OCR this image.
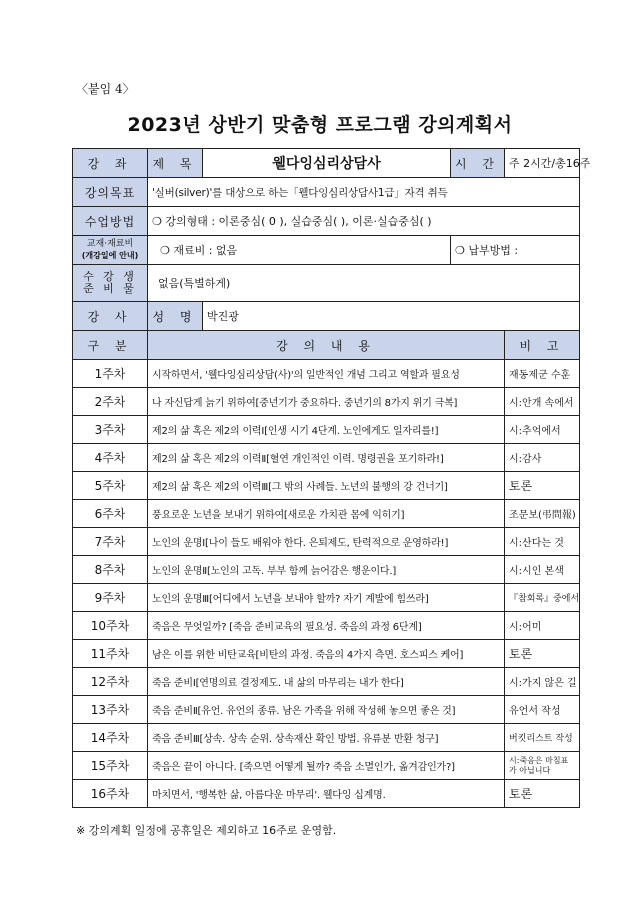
〈붙임 4〉
2023년 상반기 맞춤형 프로그램 강의계획서
강 좌	제 목	웰다잉심리상담사	시 간	주 2시간/총16주
강의목표	'실버(silver)'를 대상으로 하는「웰다잉심리상담사1급」자격 취득			
수업방법	❍ 강의형태 : 이론중심( 0 ), 실습중심( ), 이론·실습중심( )			
교재·재료비
(개강일에 안내)	❍ 재료비 : 없음		❍ 납부방법 :	
수 강 생
준 비 물	없음(특별하게)			
강 사	성 명	박진광		
구 분	강 의 내 용			비 고
1주차	시작하면서, '웰다잉심리상담(사)'의 일반적인 개념 그리고 역할과 필요성			재동제군 수훈
2주차	나 자신답게 늙기 위하여[중년기가 중요하다. 중년기의 8가지 위기 극복]			시:안개 속에서
3주차	제2의 삶 혹은 제2의 이력Ⅰ[인생 시기 4단계. 노인에게도 일자리를!]			시:추억에서
4주차	제2의 삶 혹은 제2의 이력Ⅱ[혈연 개인적인 이력. 명령권을 포기하라!]			시:감사
5주차	제2의 삶 혹은 제2의 이력Ⅲ[그 밖의 사례들. 노년의 불행의 강 건너기]			토론
6주차	풍요로운 노년을 보내기 위하여[새로운 가치관 몸에 익히기]			조문보(弔問報)
7주차	노인의 운명Ⅰ[나이 들도 배워야 한다. 은퇴제도, 탄력적으로 운영하라!]			시:산다는 것
8주차	노인의 운명Ⅱ[노인의 고독. 부부 함께 늙어감은 행운이다.]			시:시인 본색
9주차	노인의 운명Ⅲ[어디에서 노년을 보내야 할까? 자기 계발에 힘쓰라]			『참회록』중에서
10주차	죽음은 무엇일까? [죽음 준비교육의 필요성. 죽음의 과정 6단계]			시:어미
11주차	남은 이를 위한 비탄교육[비탄의 과정. 죽음의 4가지 측면. 호스피스 케어]			토론
12주차	죽음 준비Ⅰ[연명의료 결정제도. 내 삶의 마무리는 내가 한다]			시:가지 않은 길
13주차	죽음 준비Ⅱ[유언. 유언의 종류. 남은 가족을 위해 작성해 놓으면 좋은 것]			유언서 작성
14주차	죽음 준비Ⅲ[상속. 상속 순위. 상속재산 확인 방법. 유류분 반환 청구]			버킷리스트 작성
15주차	죽음은 끝이 아니다. [죽으면 어떻게 될까? 죽음 소멸인가, 옮겨감인가?]			시:죽음은 마침표가 아닙니다
16주차	마치면서, '행복한 삶, 아름다운 마무리'. 웰다잉 십계명.			토론
※ 강의계획 일정에 공휴일은 제외하고 16주로 운영함.
